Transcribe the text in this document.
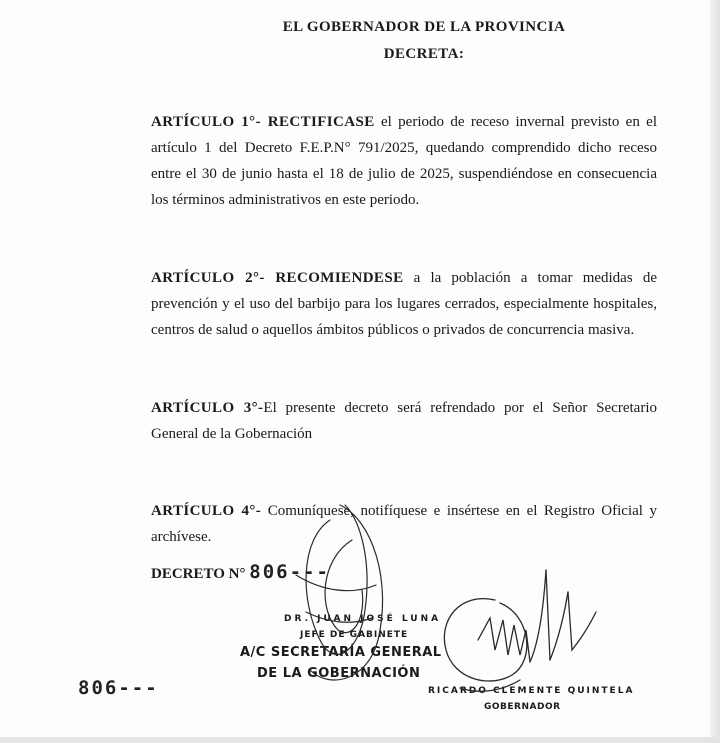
EL GOBERNADOR DE LA PROVINCIA
DECRETA:
ARTÍCULO 1°- RECTIFICASE el periodo de receso invernal previsto en el artículo 1 del Decreto F.E.P.N° 791/2025, quedando comprendido dicho receso entre el 30 de junio hasta el 18 de julio de 2025, suspendiéndose en consecuencia los términos administrativos en este periodo.
ARTÍCULO 2°- RECOMIENDESE a la población a tomar medidas de prevención y el uso del barbijo para los lugares cerrados, especialmente hospitales, centros de salud o aquellos ámbitos públicos o privados de concurrencia masiva.
ARTÍCULO 3°-El presente decreto será refrendado por el Señor Secretario General de la Gobernación
ARTÍCULO 4°- Comuníquese, notifíquese e insértese en el Registro Oficial y archívese.
DECRETO N° 806---
806---
DR. JUAN JOSÉ LUNA
JEFE DE GABINETE
A/C SECRETARÍA GENERAL
DE LA GOBERNACIÓN
RICARDO CLEMENTE QUINTELA
GOBERNADOR
